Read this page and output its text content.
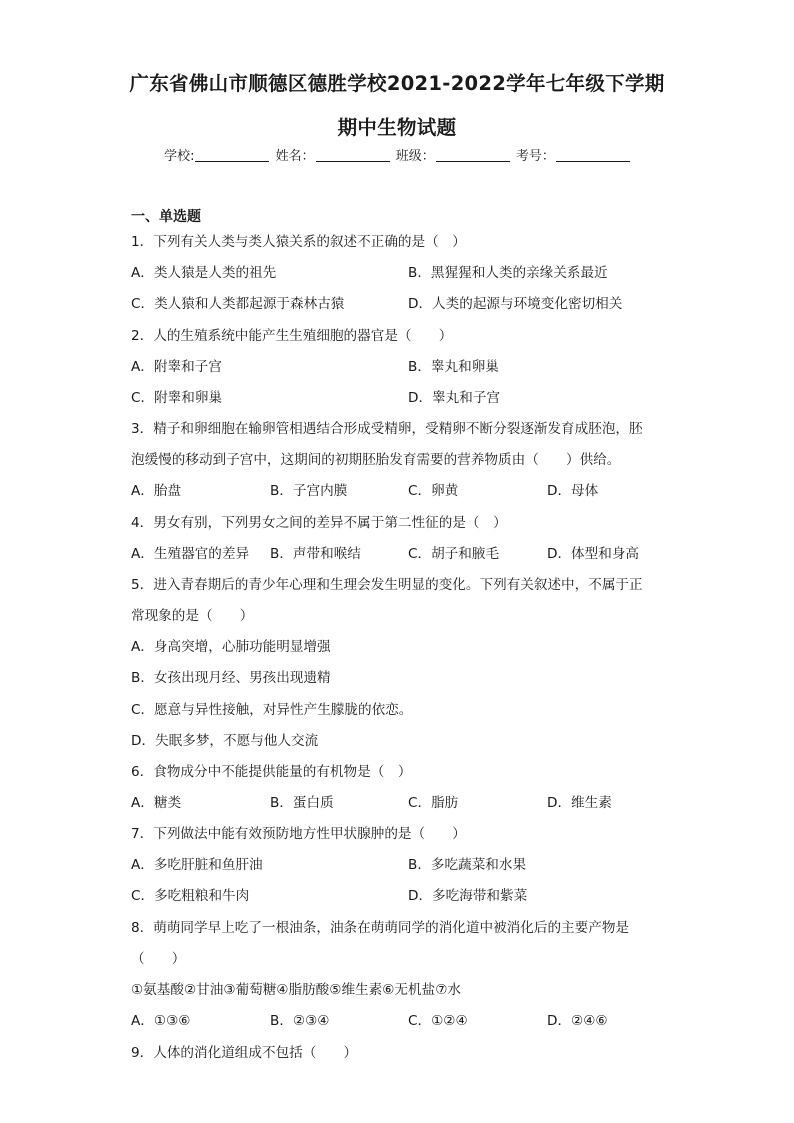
广东省佛山市顺德区德胜学校2021-2022学年七年级下学期
期中生物试题
学校:	姓名：	班级：	考号：
一、单选题
1．下列有关人类与类人猿关系的叙述不正确的是（　）
A．类人猿是人类的祖先	B．黑猩猩和人类的亲缘关系最近
C．类人猿和人类都起源于森林古猿	D．人类的起源与环境变化密切相关
2．人的生殖系统中能产生生殖细胞的器官是（　　）
A．附睾和子宫	B．睾丸和卵巢
C．附睾和卵巢	D．睾丸和子宫
3．精子和卵细胞在输卵管相遇结合形成受精卵，受精卵不断分裂逐渐发育成胚泡，胚
泡缓慢的移动到子宫中，这期间的初期胚胎发育需要的营养物质由（　　）供给。
A．胎盘	B．子宫内膜	C．卵黄	D．母体
4．男女有别，下列男女之间的差异不属于第二性征的是（　）
A．生殖器官的差异 B．声带和喉结	C．胡子和腋毛	D．体型和身高
5．进入青春期后的青少年心理和生理会发生明显的变化。下列有关叙述中，不属于正
常现象的是（　　）
A．身高突增，心肺功能明显增强
B．女孩出现月经、男孩出现遗精
C．愿意与异性接触，对异性产生朦胧的依恋。
D．失眠多梦，不愿与他人交流
6．食物成分中不能提供能量的有机物是（　）
A．糖类	B．蛋白质	C．脂肪	D．维生素
7．下列做法中能有效预防地方性甲状腺肿的是（　　）
A．多吃肝脏和鱼肝油	B．多吃蔬菜和水果
C．多吃粗粮和牛肉	D．多吃海带和紫菜
8．萌萌同学早上吃了一根油条，油条在萌萌同学的消化道中被消化后的主要产物是
（　　）
①氨基酸②甘油③葡萄糖④脂肪酸⑤维生素⑥无机盐⑦水
A．①③⑥	B．②③④	C．①②④	D．②④⑥
9．人体的消化道组成不包括（　　）
